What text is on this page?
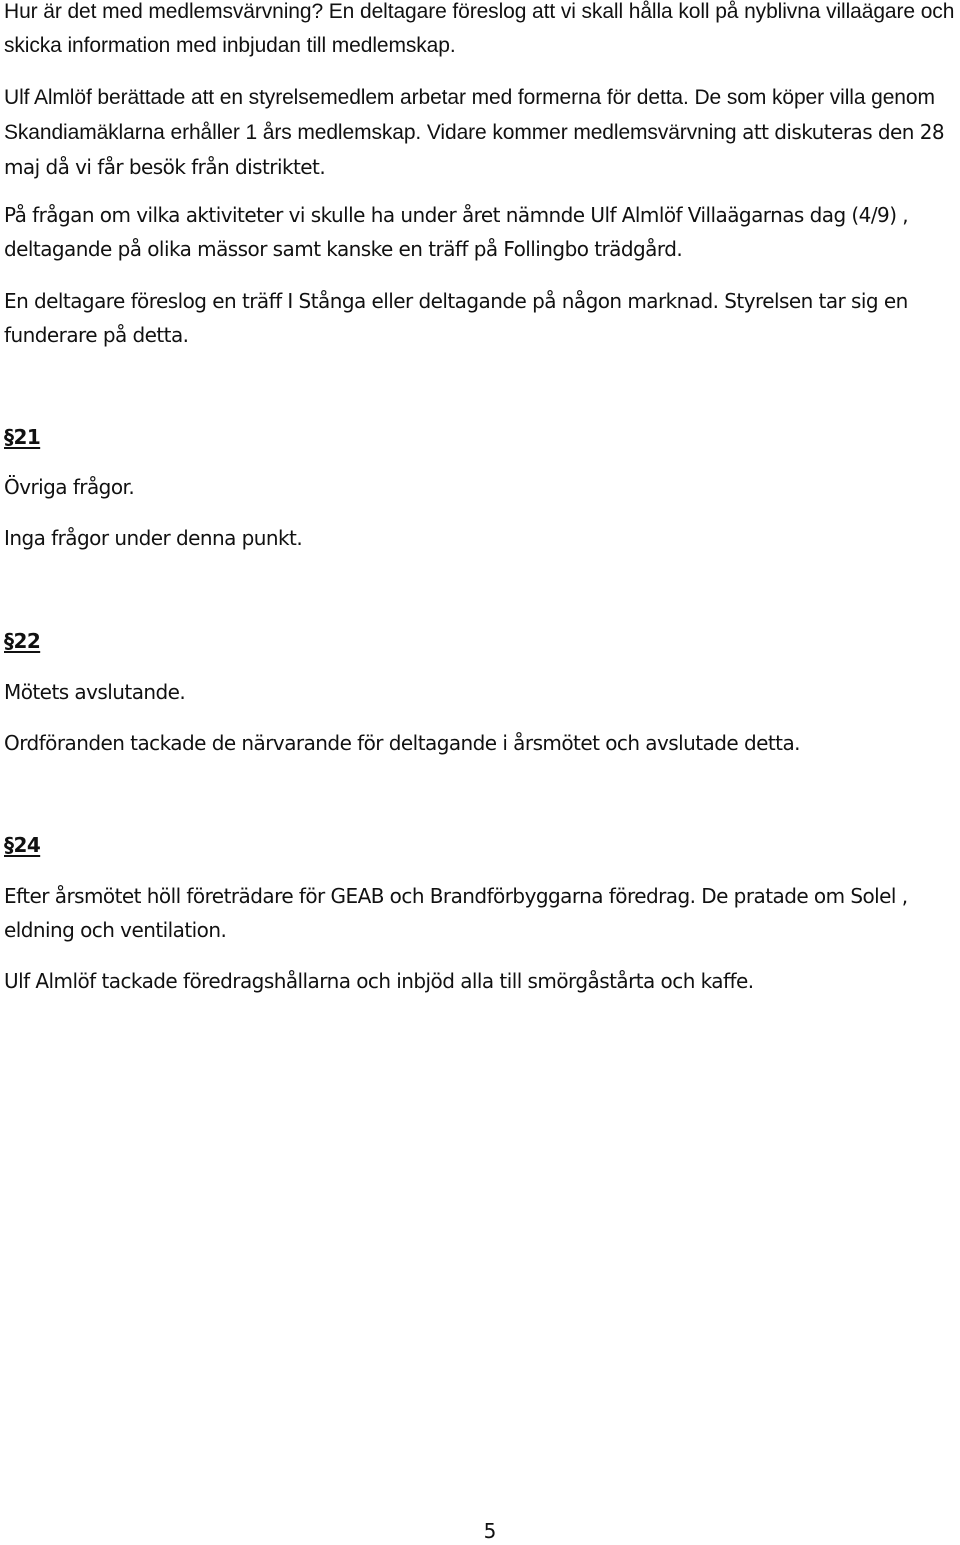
Hur är det med medlemsvärvning? En deltagare föreslog att vi skall hålla koll på nyblivna villaägare och skicka information med inbjudan till medlemskap.

Ulf Almlöf berättade att en styrelsemedlem arbetar med formerna för detta. De som köper villa genom Skandiamäklarna erhåller 1 års medlemskap. Vidare kommer medlemsvärvning att diskuteras den 28 maj då vi får besök från distriktet.

På frågan om vilka aktiviteter vi skulle ha under året nämnde Ulf Almlöf Villaägarnas dag (4/9) , deltagande på olika mässor samt kanske en träff på Follingbo trädgård.

En deltagare föreslog en träff I Stånga eller deltagande på någon marknad. Styrelsen tar sig en funderare på detta.

§21

Övriga frågor.

Inga frågor under denna punkt.

§22

Mötets avslutande.

Ordföranden tackade de närvarande för deltagande i årsmötet och avslutade detta.

§24

Efter årsmötet höll företrädare för GEAB och Brandförbyggarna föredrag. De pratade om Solel , eldning och ventilation.

Ulf Almlöf tackade föredragshållarna och inbjöd alla till smörgåstårta och kaffe.

5
